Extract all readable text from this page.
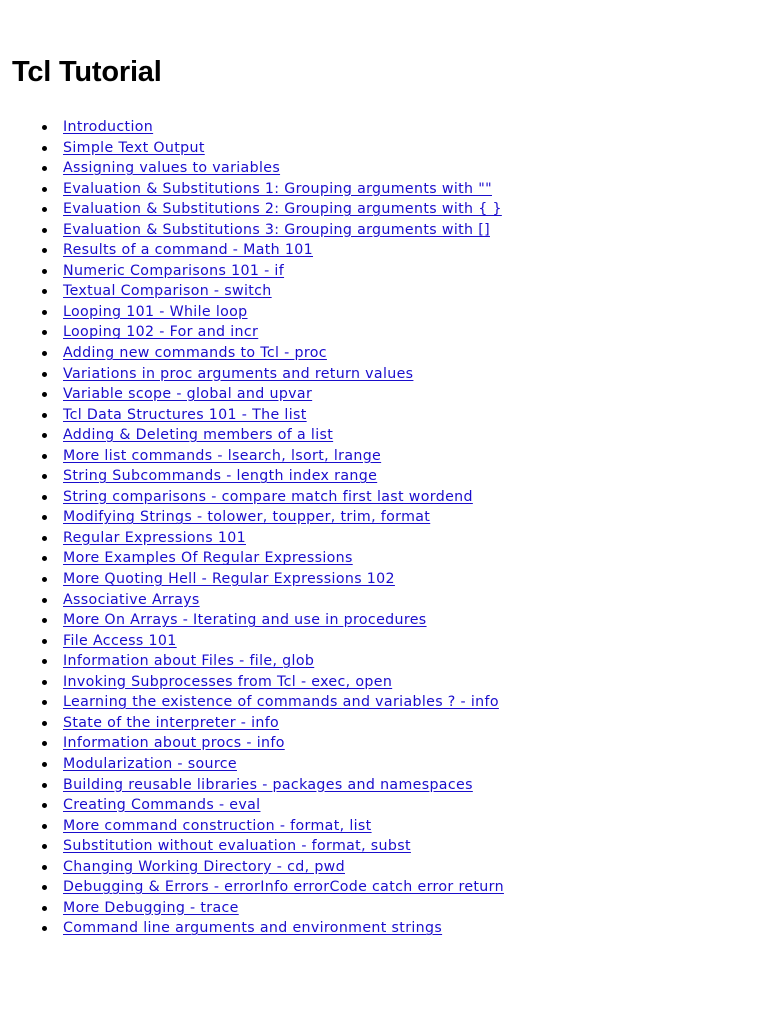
Tcl Tutorial
Introduction
Simple Text Output
Assigning values to variables
Evaluation & Substitutions 1: Grouping arguments with ""
Evaluation & Substitutions 2: Grouping arguments with { }
Evaluation & Substitutions 3: Grouping arguments with []
Results of a command - Math 101
Numeric Comparisons 101 - if
Textual Comparison - switch
Looping 101 - While loop
Looping 102 - For and incr
Adding new commands to Tcl - proc
Variations in proc arguments and return values
Variable scope - global and upvar
Tcl Data Structures 101 - The list
Adding & Deleting members of a list
More list commands - lsearch, lsort, lrange
String Subcommands - length index range
String comparisons - compare match first last wordend
Modifying Strings - tolower, toupper, trim, format
Regular Expressions 101
More Examples Of Regular Expressions
More Quoting Hell - Regular Expressions 102
Associative Arrays
More On Arrays - Iterating and use in procedures
File Access 101
Information about Files - file, glob
Invoking Subprocesses from Tcl - exec, open
Learning the existence of commands and variables ? - info
State of the interpreter - info
Information about procs - info
Modularization - source
Building reusable libraries - packages and namespaces
Creating Commands - eval
More command construction - format, list
Substitution without evaluation - format, subst
Changing Working Directory - cd, pwd
Debugging & Errors - errorInfo errorCode catch error return
More Debugging - trace
Command line arguments and environment strings
